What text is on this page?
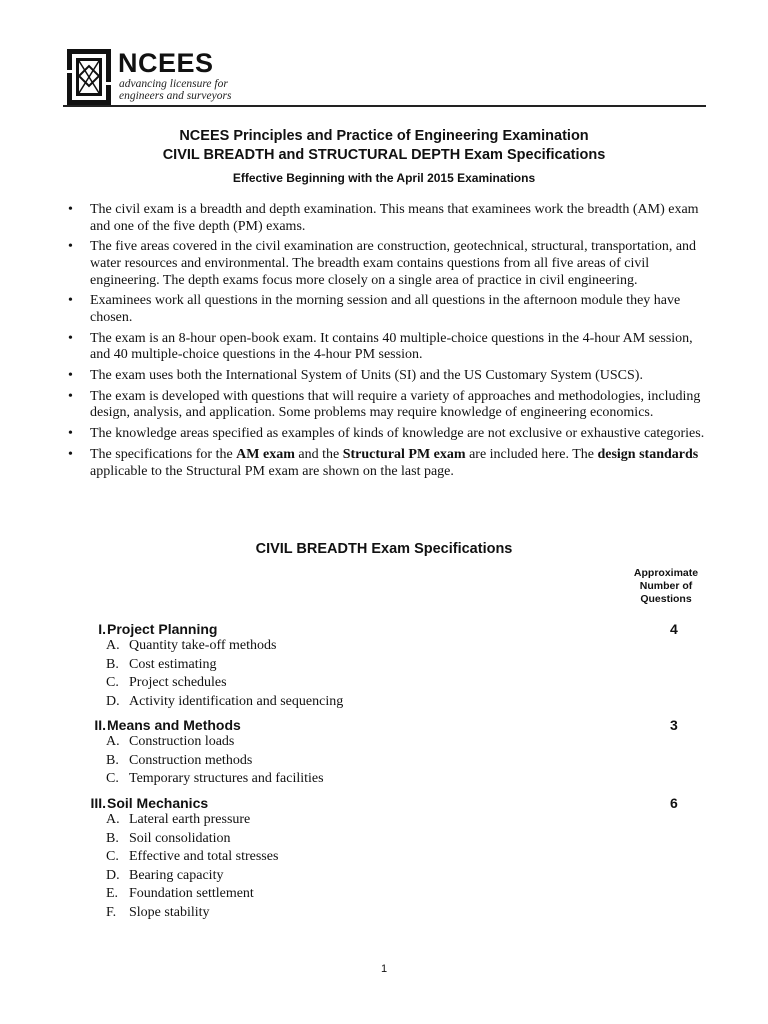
NCEES
advancing licensure for
engineers and surveyors
NCEES Principles and Practice of Engineering Examination
CIVIL BREADTH and STRUCTURAL DEPTH Exam Specifications
Effective Beginning with the April 2015 Examinations
• The civil exam is a breadth and depth examination. This means that examinees work the breadth (AM) exam and one of the five depth (PM) exams.
• The five areas covered in the civil examination are construction, geotechnical, structural, transportation, and water resources and environmental. The breadth exam contains questions from all five areas of civil engineering. The depth exams focus more closely on a single area of practice in civil engineering.
• Examinees work all questions in the morning session and all questions in the afternoon module they have chosen.
• The exam is an 8-hour open-book exam. It contains 40 multiple-choice questions in the 4-hour AM session, and 40 multiple-choice questions in the 4-hour PM session.
• The exam uses both the International System of Units (SI) and the US Customary System (USCS).
• The exam is developed with questions that will require a variety of approaches and methodologies, including design, analysis, and application. Some problems may require knowledge of engineering economics.
• The knowledge areas specified as examples of kinds of knowledge are not exclusive or exhaustive categories.
• The specifications for the AM exam and the Structural PM exam are included here. The design standards applicable to the Structural PM exam are shown on the last page.
CIVIL BREADTH Exam Specifications
Approximate
Number of
Questions
I. Project Planning	4
A. Quantity take-off methods
B. Cost estimating
C. Project schedules
D. Activity identification and sequencing
II. Means and Methods	3
A. Construction loads
B. Construction methods
C. Temporary structures and facilities
III. Soil Mechanics	6
A. Lateral earth pressure
B. Soil consolidation
C. Effective and total stresses
D. Bearing capacity
E. Foundation settlement
F. Slope stability
1
